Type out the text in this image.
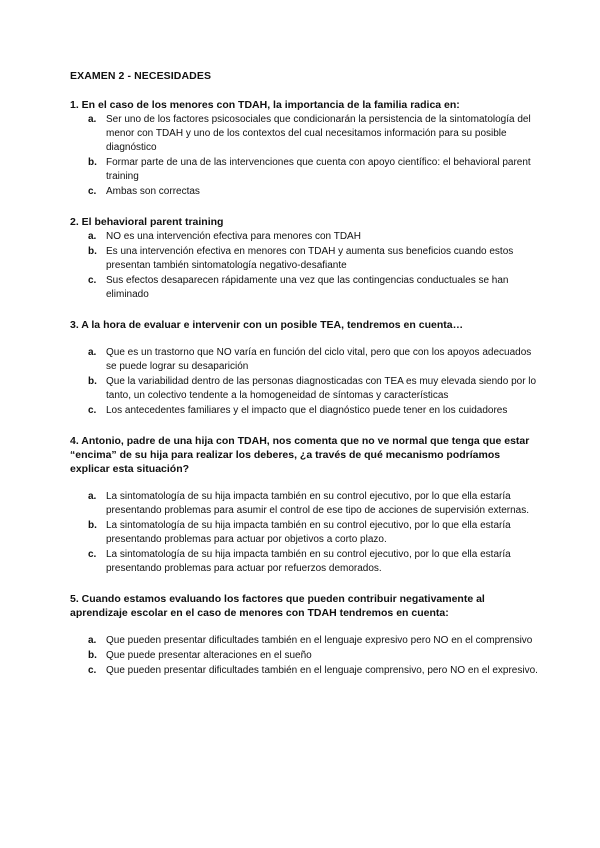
EXAMEN 2 - NECESIDADES
1. En el caso de los menores con TDAH, la importancia de la familia radica en:
a. Ser uno de los factores psicosociales que condicionarán la persistencia de la sintomatología del menor con TDAH y uno de los contextos del cual necesitamos información para su posible diagnóstico
b. Formar parte de una de las intervenciones que cuenta con apoyo científico: el behavioral parent training
c. Ambas son correctas
2. El behavioral parent training
a. NO es una intervención efectiva para menores con TDAH
b. Es una intervención efectiva en menores con TDAH y aumenta sus beneficios cuando estos presentan también sintomatología negativo-desafiante
c. Sus efectos desaparecen rápidamente una vez que las contingencias conductuales se han eliminado
3. A la hora de evaluar e intervenir con un posible TEA, tendremos en cuenta…
a. Que es un trastorno que NO varía en función del ciclo vital, pero que con los apoyos adecuados se puede lograr su desaparición
b. Que la variabilidad dentro de las personas diagnosticadas con TEA es muy elevada siendo por lo tanto, un colectivo tendente a la homogeneidad de síntomas y características
c. Los antecedentes familiares y el impacto que el diagnóstico puede tener en los cuidadores
4. Antonio, padre de una hija con TDAH, nos comenta que no ve normal que tenga que estar “encima” de su hija para realizar los deberes, ¿a través de qué mecanismo podríamos explicar esta situación?
a. La sintomatología de su hija impacta también en su control ejecutivo, por lo que ella estaría presentando problemas para asumir el control de ese tipo de acciones de supervisión externas.
b. La sintomatología de su hija impacta también en su control ejecutivo, por lo que ella estaría presentando problemas para actuar por objetivos a corto plazo.
c. La sintomatología de su hija impacta también en su control ejecutivo, por lo que ella estaría presentando problemas para actuar por refuerzos demorados.
5. Cuando estamos evaluando los factores que pueden contribuir negativamente al aprendizaje escolar en el caso de menores con TDAH tendremos en cuenta:
a. Que pueden presentar dificultades también en el lenguaje expresivo pero NO en el comprensivo
b. Que puede presentar alteraciones en el sueño
c. Que pueden presentar dificultades también en el lenguaje comprensivo, pero NO en el expresivo.
